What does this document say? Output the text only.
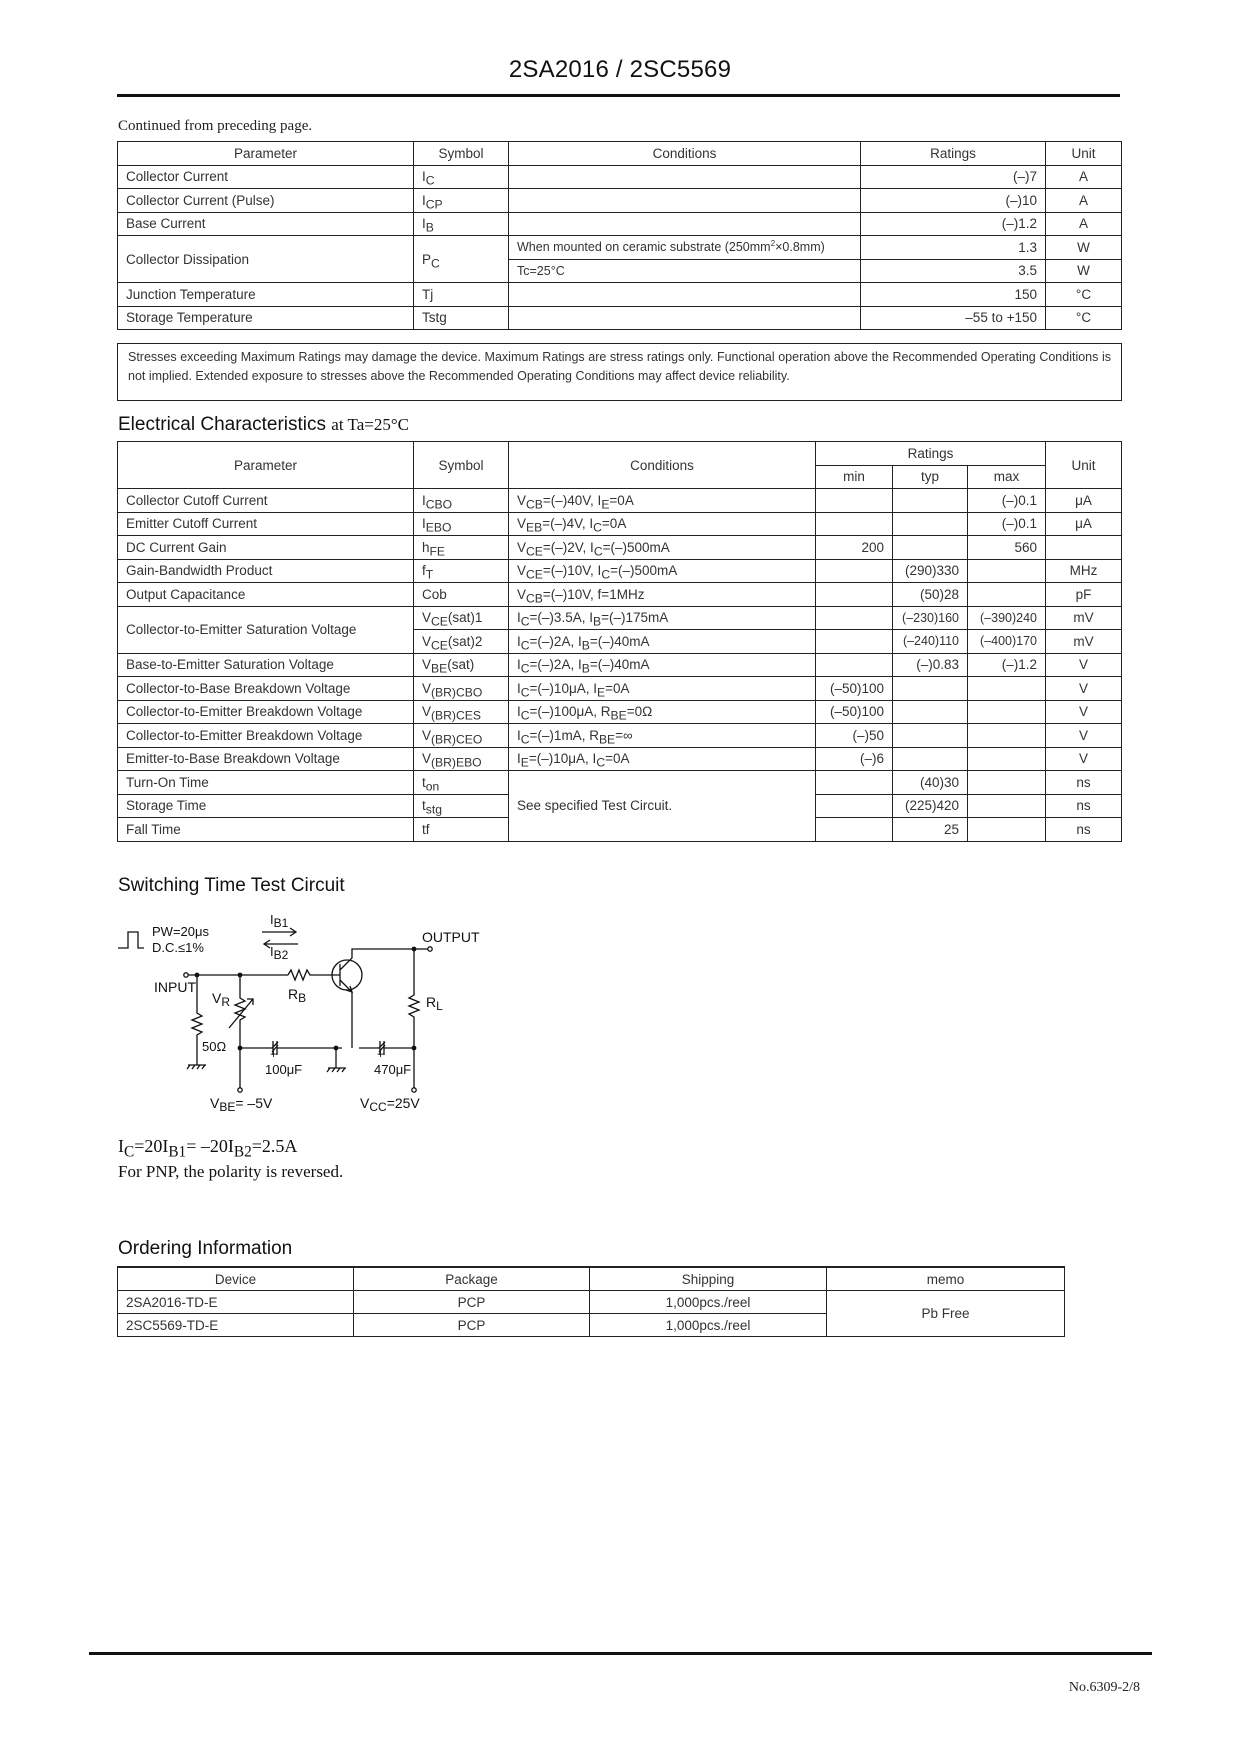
2SA2016 / 2SC5569
Continued from preceding page.
Parameter	Symbol	Conditions	Ratings	Unit
Collector Current	$I_C$		(–)7	A
Collector Current (Pulse)	$I_{CP}$		(–)10	A
Base Current	$I_B$		(–)1.2	A
Collector Dissipation	$P_C$	When mounted on ceramic substrate $(250mm^2\times 0.8mm)$	1.3	W
		Tc=25°C	3.5	W
Junction Temperature	Tj		150	°C
Storage Temperature	Tstg		–55 to +150	°C
Stresses exceeding Maximum Ratings may damage the device. Maximum Ratings are stress ratings only. Functional operation above the Recommended Operating Conditions is not implied. Extended exposure to stresses above the Recommended Operating Conditions may affect device reliability.
Electrical Characteristics at Ta=25°C
Parameter	Symbol	Conditions	Ratings			Unit
			min	typ	max	
Collector Cutoff Current	$I_{CBO}$	$V_{CB}=(-)40V$, $I_E=0A$			(–)0.1	μA
Emitter Cutoff Current	$I_{EBO}$	$V_{EB}=(-)4V$, $I_C=0A$			(–)0.1	μA
DC Current Gain	$h_{FE}$	$V_{CE}=(-)2V$, $I_C=(-)500mA$	200		560	
Gain-Bandwidth Product	$f_T$	$V_{CE}=(-)10V$, $I_C=(-)500mA$		(290)330		MHz
Output Capacitance	Cob	$V_{CB}=(-)10V$, f=1MHz		(50)28		pF
Collector-to-Emitter Saturation Voltage	$V_{CE}(sat)1$	$I_C=(-)3.5A$, $I_B=(-)175mA$		(–230)160	(–390)240	mV
	$V_{CE}(sat)2$	$I_C=(-)2A$, $I_B=(-)40mA$		(–240)110	(–400)170	mV
Base-to-Emitter Saturation Voltage	$V_{BE}(sat)$	$I_C=(-)2A$, $I_B=(-)40mA$		(–)0.83	(–)1.2	V
Collector-to-Base Breakdown Voltage	$V_{(BR)CBO}$	$I_C=(-)10\mu A$, $I_E=0A$	(–50)100			V
Collector-to-Emitter Breakdown Voltage	$V_{(BR)CES}$	$I_C=(-)100\mu A$, $R_{BE}=0\Omega$	(–50)100			V
Collector-to-Emitter Breakdown Voltage	$V_{(BR)CEO}$	$I_C=(-)1mA$, $R_{BE}=\infty$	(–)50			V
Emitter-to-Base Breakdown Voltage	$V_{(BR)EBO}$	$I_E=(-)10\mu A$, $I_C=0A$	(–)6			V
Turn-On Time	$t_{on}$	See specified Test Circuit.		(40)30		ns
Storage Time	$t_{stg}$			(225)420		ns
Fall Time	tf			25		ns
Switching Time Test Circuit
PW=20μs
D.C.≤1%
IB1
IB2
OUTPUT
INPUT
VR	RB	RL
50Ω
100μF	470μF
+	+
VBE= –5V	VCC=25V
$I_C=20I_{B1}= -20I_{B2}=2.5A$
For PNP, the polarity is reversed.
Ordering Information
Device	Package	Shipping	memo
2SA2016-TD-E	PCP	1,000pcs./reel	Pb Free
2SC5569-TD-E	PCP	1,000pcs./reel	
No.6309-2/8
